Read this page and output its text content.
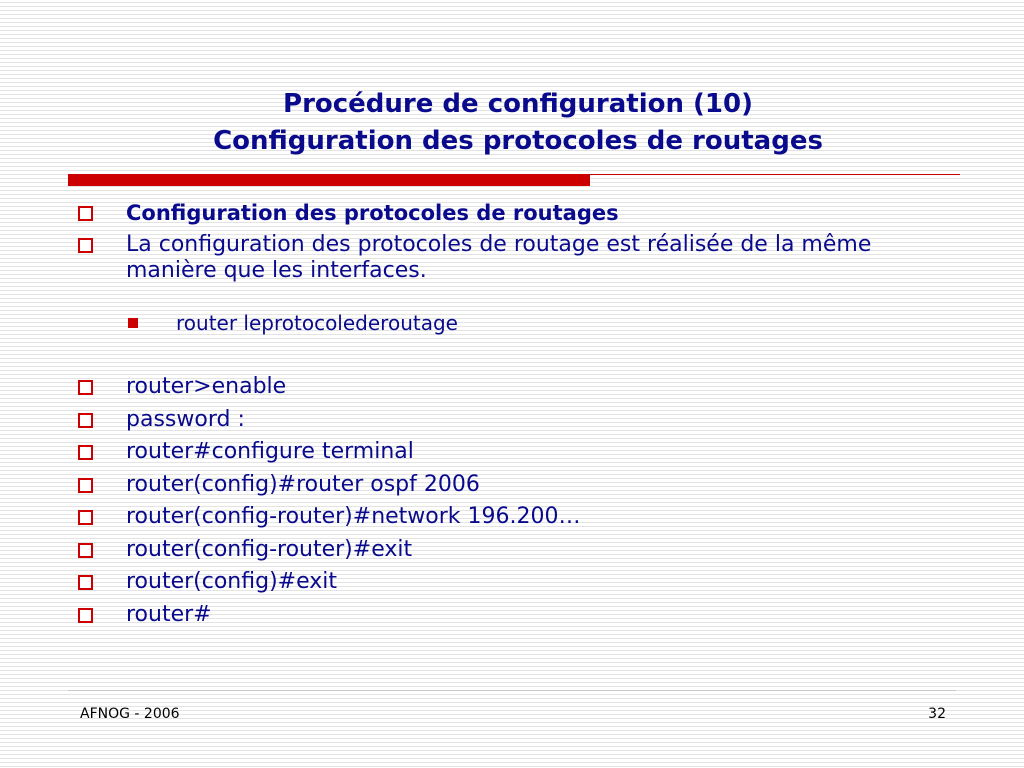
Procédure de configuration (10)
Configuration des protocoles de routages
Configuration des protocoles de routages
La configuration des protocoles de routage est réalisée de la même manière que les interfaces.
router leprotocolederoutage
router>enable
password :
router#configure terminal
router(config)#router ospf 2006
router(config-router)#network 196.200…
router(config-router)#exit
router(config)#exit
router#
AFNOG - 2006	32
